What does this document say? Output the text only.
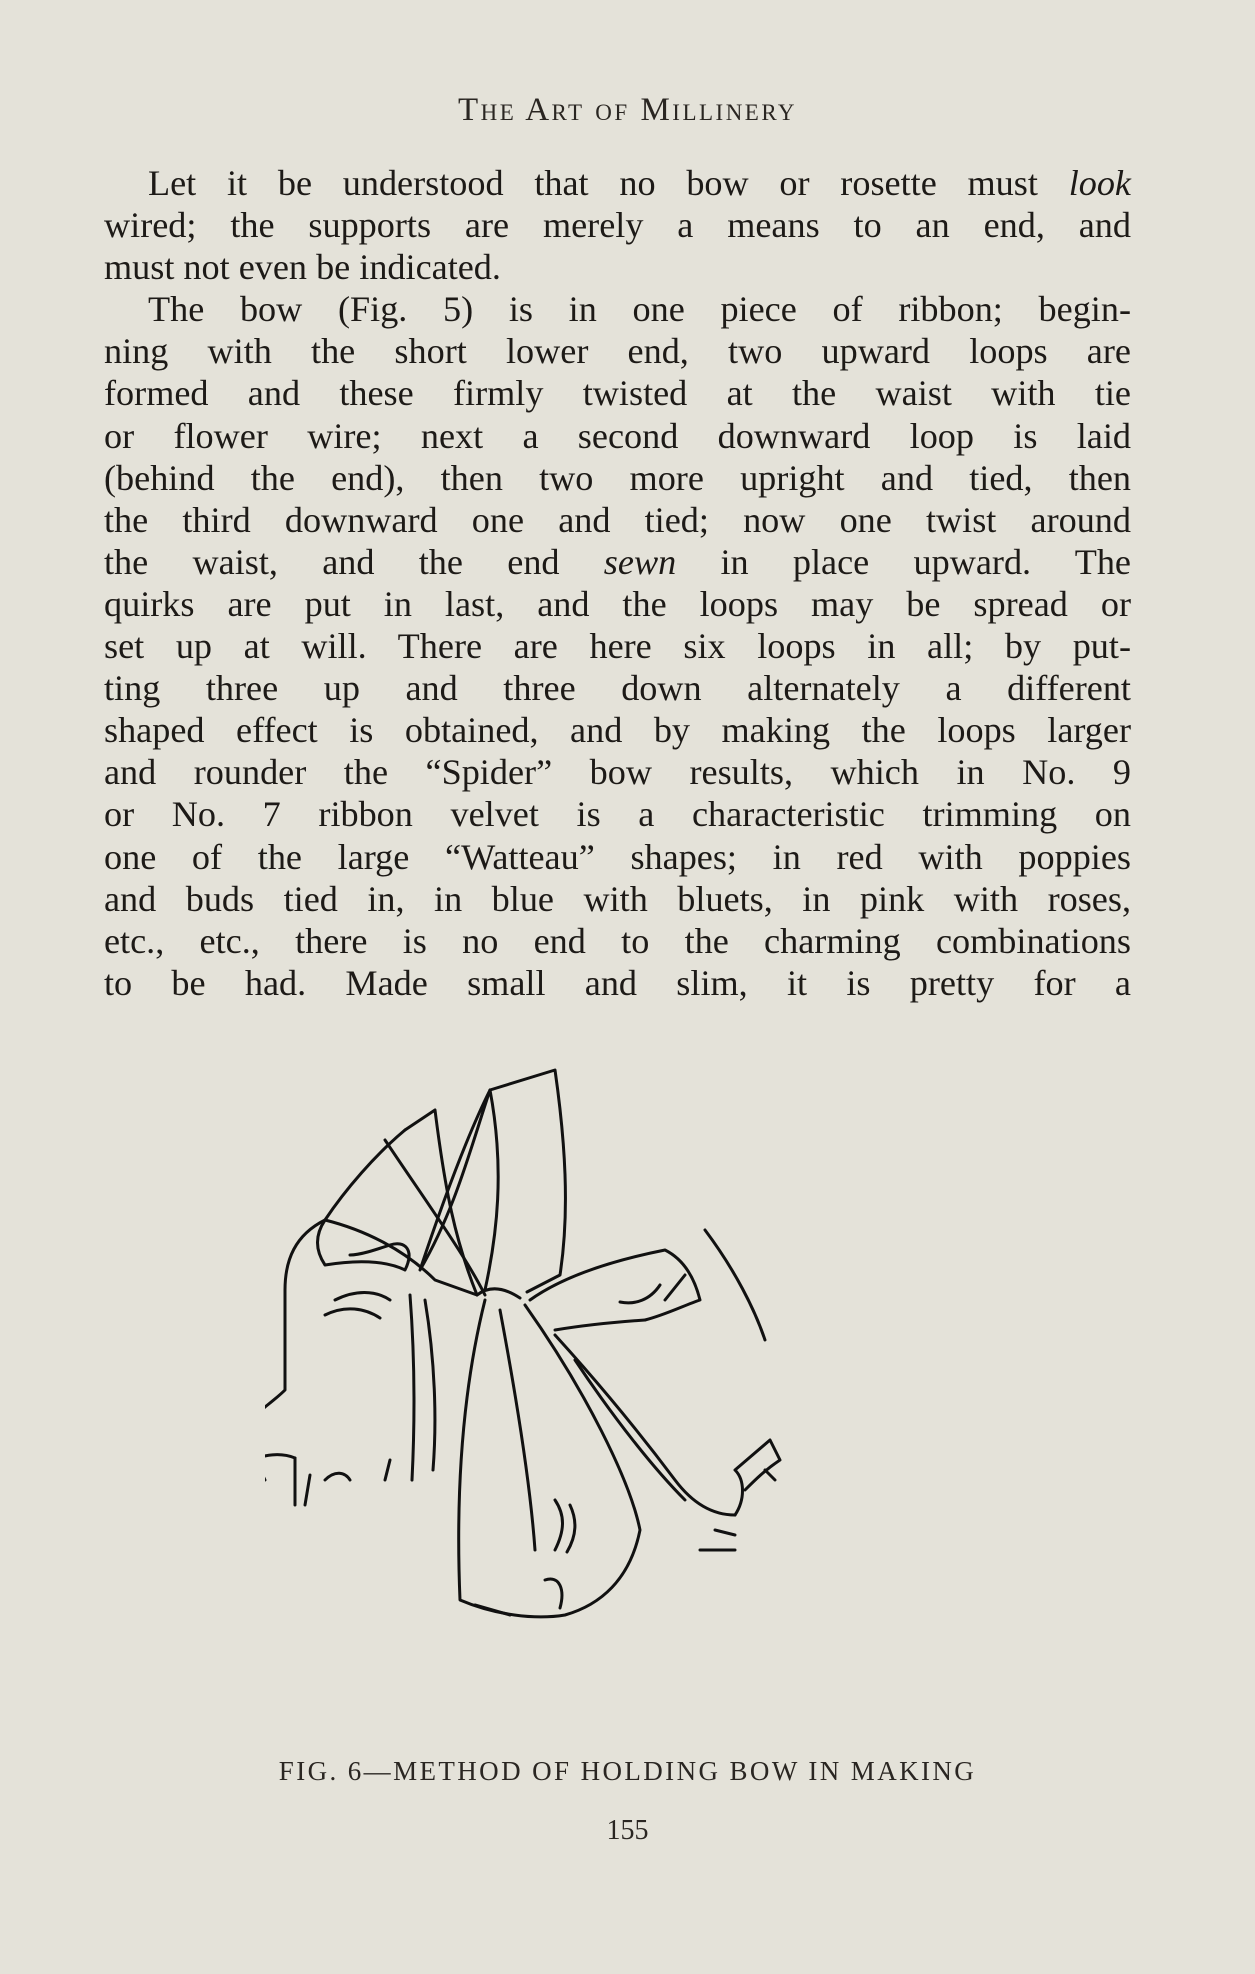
The Art of Millinery
Let it be understood that no bow or rosette must look
wired; the supports are merely a means to an end, and
must not even be indicated.
The bow (Fig. 5) is in one piece of ribbon; begin-
ning with the short lower end, two upward loops are
formed and these firmly twisted at the waist with tie
or flower wire; next a second downward loop is laid
(behind the end), then two more upright and tied, then
the third downward one and tied; now one twist around
the waist, and the end sewn in place upward. The
quirks are put in last, and the loops may be spread or
set up at will. There are here six loops in all; by put-
ting three up and three down alternately a different
shaped effect is obtained, and by making the loops larger
and rounder the “Spider” bow results, which in No. 9
or No. 7 ribbon velvet is a characteristic trimming on
one of the large “Watteau” shapes; in red with poppies
and buds tied in, in blue with bluets, in pink with roses,
etc., etc., there is no end to the charming combinations
to be had. Made small and slim, it is pretty for a
FIG. 6—METHOD OF HOLDING BOW IN MAKING
155
